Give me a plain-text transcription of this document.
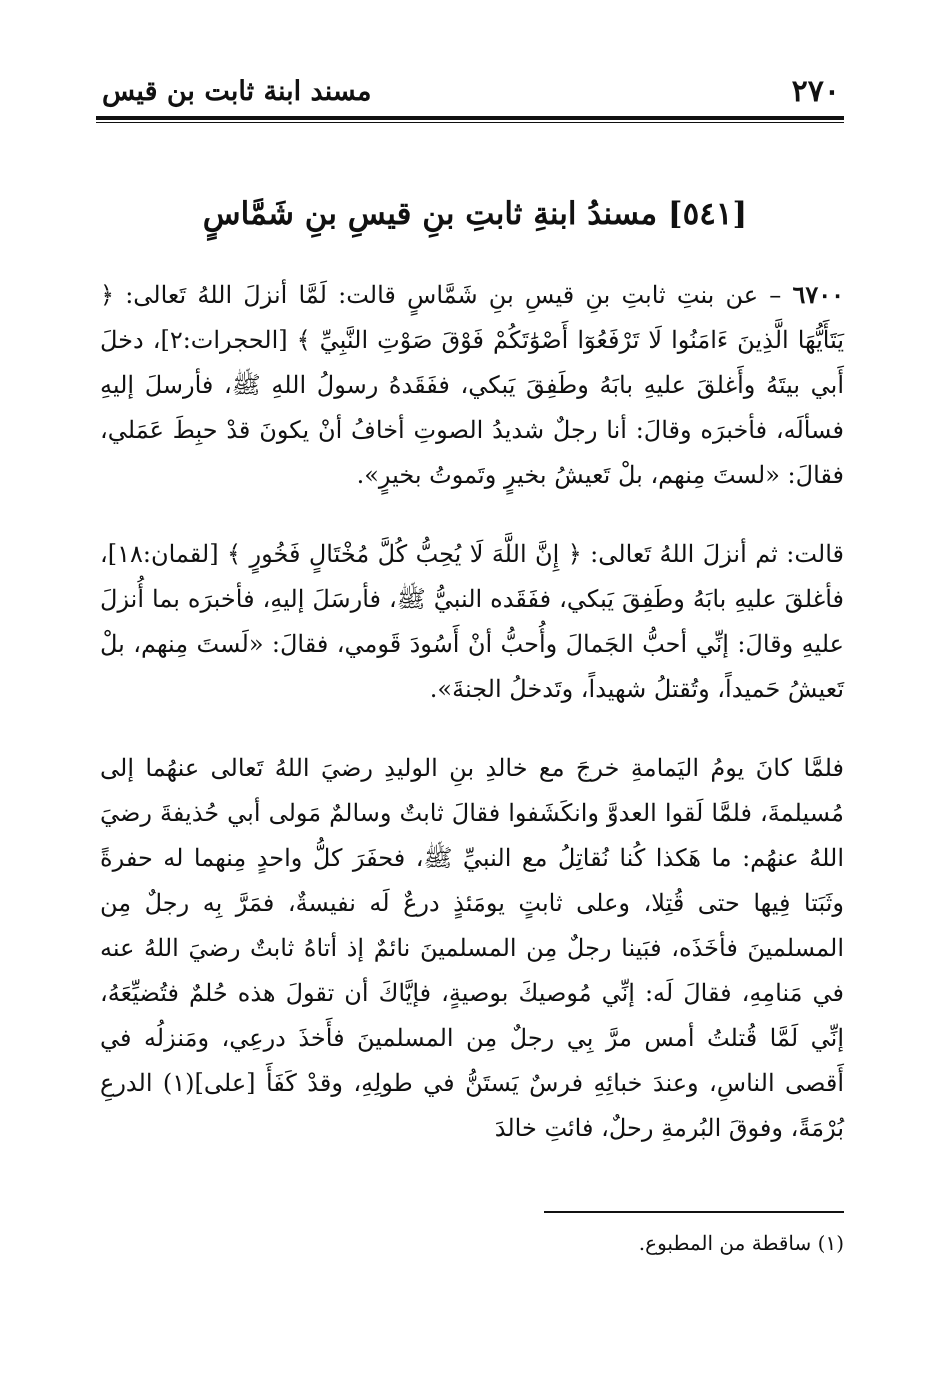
٢٧٠
مسند ابنة ثابت بن قيس
[٥٤١] مسندُ ابنةِ ثابتِ بنِ قيسِ بنِ شَمَّاسٍ

٦٧٠٠ – عن بنتِ ثابتِ بنِ قيسِ بنِ شَمَّاسٍ قالت: لَمَّا أنزلَ اللهُ تَعالى: ﴿ يَتَأَيُّهَا الَّذِينَ ءَامَنُوا لَا تَرْفَعُوٓا أَصْوَٰتَكُمْ فَوْقَ صَوْتِ النَّبِيِّ ﴾ [الحجرات:٢]، دخلَ أَبي بيتَهُ وأَغلقَ عليهِ بابَهُ وطَفِقَ يَبكي، ففَقَدهُ رسولُ اللهِ ﷺ، فأرسلَ إليهِ فسألَه، فأخبرَه وقالَ: أنا رجلٌ شديدُ الصوتِ أخافُ أنْ يكونَ قدْ حبِطَ عَمَلي، فقالَ: «لستَ مِنهم، بلْ تَعيشُ بخيرٍ وتَموتُ بخيرٍ».

قالت: ثم أنزلَ اللهُ تَعالى: ﴿ إِنَّ اللَّهَ لَا يُحِبُّ كُلَّ مُخْتَالٍ فَخُورٍ ﴾ [لقمان:١٨]، فأغلقَ عليهِ بابَهُ وطَفِقَ يَبكي، ففَقَده النبيُّ ﷺ، فأرسَلَ إليهِ، فأخبرَه بما أُنزلَ عليهِ وقالَ: إنِّي أحبُّ الجَمالَ وأُحبُّ أنْ أَسُودَ قَومي، فقالَ: «لَستَ مِنهم، بلْ تَعيشُ حَميداً، وتُقتلُ شهيداً، وتَدخلُ الجنةَ».

فلمَّا كانَ يومُ اليَمامةِ خرجَ مع خالدِ بنِ الوليدِ رضيَ اللهُ تَعالى عنهُما إلى مُسيلمةَ، فلمَّا لَقوا العدوَّ وانكَشَفوا فقالَ ثابتٌ وسالمٌ مَولى أبي حُذيفةَ رضيَ اللهُ عنهُم: ما هَكذا كُنا نُقاتِلُ مع النبيِّ ﷺ، فحفَرَ كلُّ واحدٍ مِنهما له حفرةً وثَبَتا فِيها حتى قُتِلا، وعلى ثابتٍ يومَئذٍ درعٌ لَه نفيسةٌ، فمَرَّ بِه رجلٌ مِن المسلمينَ فأخَذَه، فبَينا رجلٌ مِن المسلمينَ نائمٌ إذ أتاهُ ثابتٌ رضيَ اللهُ عنه في مَنامِهِ، فقالَ لَه: إنِّي مُوصيكَ بوصيةٍ، فإيَّاكَ أن تقولَ هذه حُلمٌ فتُضيِّعَهُ، إنِّي لَمَّا قُتلتُ أمس مرَّ بِي رجلٌ مِن المسلمينَ فأَخذَ درعِي، ومَنزلُه في أَقصى الناسِ، وعندَ خبائِهِ فرسٌ يَستَنُّ في طولِهِ، وقدْ كَفَأَ [على](١) الدرعِ بُرْمَةً، وفوقَ البُرمةِ رحلٌ، فائتِ خالدَ

(١) ساقطة من المطبوع.
